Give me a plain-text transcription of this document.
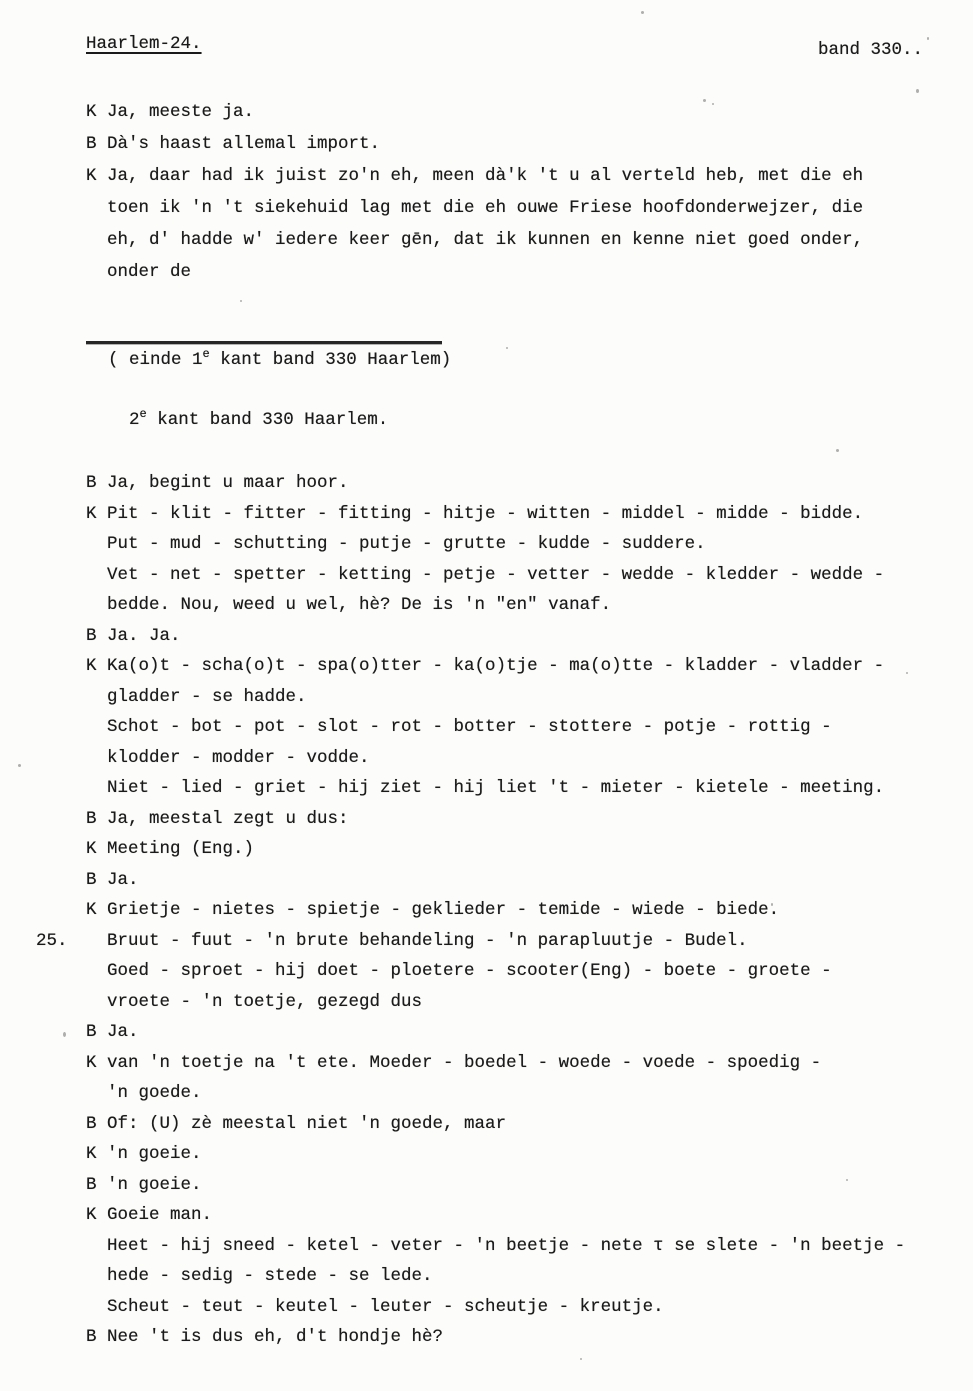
Haarlem-24.	band 330..
K Ja, meeste ja.
B Dà's haast allemal import.
K Ja, daar had ik juist zo'n eh, meen dà'k 't u al verteld heb, met die eh
toen ik 'n 't siekehuid lag met die eh ouwe Friese hoofdonderwejzer, die
eh, d' hadde w' iedere keer gēn, dat ik kunnen en kenne niet goed onder,
onder de
( einde 1e kant band 330 Haarlem)
2e kant band 330 Haarlem.
B Ja, begint u maar hoor.
K Pit - klit - fitter - fitting - hitje - witten - middel - midde - bidde.
Put - mud - schutting - putje - grutte - kudde - suddere.
Vet - net - spetter - ketting - petje - vetter - wedde - kledder - wedde -
bedde. Nou, weed u wel, hè? De is 'n "en" vanaf.
B Ja. Ja.
K Ka(o)t - scha(o)t - spa(o)tter - ka(o)tje - ma(o)tte - kladder - vladder -
gladder - se hadde.
Schot - bot - pot - slot - rot - botter - stottere - potje - rottig -
klodder - modder - vodde.
Niet - lied - griet - hij ziet - hij liet 't - mieter - kietele - meeting.
B Ja, meestal zegt u dus:
K Meeting (Eng.)
B Ja.
K Grietje - nietes - spietje - geklieder - temide - wiede - biede.
25. Bruut - fuut - 'n brute behandeling - 'n parapluutje - Budel.
Goed - sproet - hij doet - ploetere - scooter(Eng) - boete - groete -
vroete - 'n toetje, gezegd dus
B Ja.
K van 'n toetje na 't ete. Moeder - boedel - woede - voede - spoedig -
'n goede.
B Of: (U) zè meestal niet 'n goede, maar
K 'n goeie.
B 'n goeie.
K Goeie man.
Heet - hij sneed - ketel - veter - 'n beetje - nete τ se slete - 'n beetje -
hede - sedig - stede - se lede.
Scheut - teut - keutel - leuter - scheutje - kreutje.
B Nee 't is dus eh, d't hondje hè?
